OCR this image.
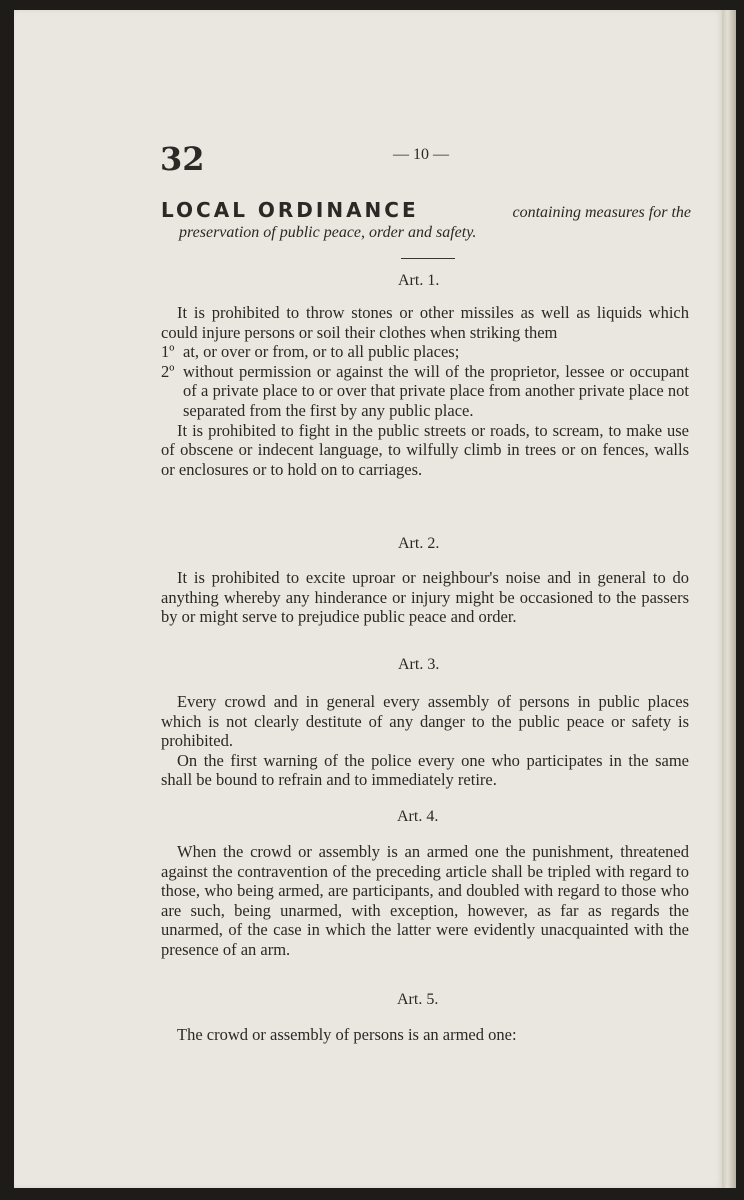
32	— 10 —
LOCAL ORDINANCE	containing measures for the
preservation of public peace, order and safety.
Art. 1.

It is prohibited to throw stones or other missiles as well as liquids which could injure persons or soil their clothes when striking them

1º at, or over or from, or to all public places;
2º without permission or against the will of the proprietor, lessee or occupant of a private place to or over that private place from another private place not separated from the first by any public place.

It is prohibited to fight in the public streets or roads, to scream, to make use of obscene or indecent language, to wilfully climb in trees or on fences, walls or enclosures or to hold on to carriages.

Art. 2.

It is prohibited to excite uproar or neighbour's noise and in general to do anything whereby any hinderance or injury might be occasioned to the passers by or might serve to prejudice public peace and order.

Art. 3.

Every crowd and in general every assembly of persons in public places which is not clearly destitute of any danger to the public peace or safety is prohibited.

On the first warning of the police every one who participates in the same shall be bound to refrain and to immediately retire.

Art. 4.

When the crowd or assembly is an armed one the punishment, threatened against the contravention of the preceding article shall be tripled with regard to those, who being armed, are participants, and doubled with regard to those who are such, being unarmed, with exception, however, as far as regards the unarmed, of the case in which the latter were evidently unacquainted with the presence of an arm.

Art. 5.

The crowd or assembly of persons is an armed one:
